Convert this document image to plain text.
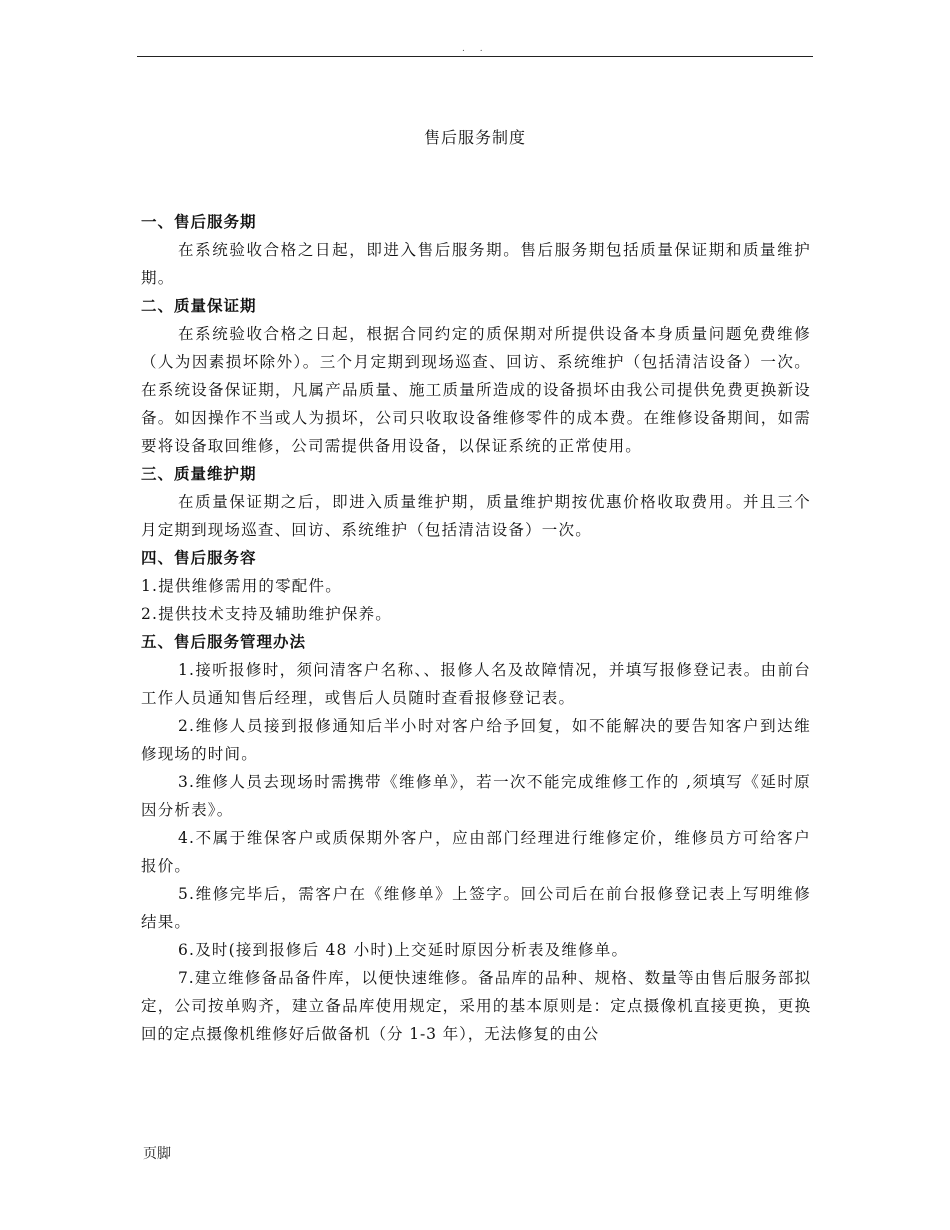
. .
售后服务制度

一、售后服务期

在系统验收合格之日起，即进入售后服务期。售后服务期包括质量保证期和质量维护期。

二、质量保证期

在系统验收合格之日起，根据合同约定的质保期对所提供设备本身质量问题免费维修（人为因素损坏除外）。三个月定期到现场巡查、回访、系统维护（包括清洁设备）一次。在系统设备保证期，凡属产品质量、施工质量所造成的设备损坏由我公司提供免费更换新设备。如因操作不当或人为损坏，公司只收取设备维修零件的成本费。在维修设备期间，如需要将设备取回维修，公司需提供备用设备，以保证系统的正常使用。

三、质量维护期

在质量保证期之后，即进入质量维护期，质量维护期按优惠价格收取费用。并且三个月定期到现场巡查、回访、系统维护（包括清洁设备）一次。

四、售后服务容

1.提供维修需用的零配件。

2.提供技术支持及辅助维护保养。

五、售后服务管理办法

1.接听报修时，须问清客户名称、、报修人名及故障情况，并填写报修登记表。由前台工作人员通知售后经理，或售后人员随时查看报修登记表。

2.维修人员接到报修通知后半小时对客户给予回复，如不能解决的要告知客户到达维修现场的时间。

3.维修人员去现场时需携带《维修单》，若一次不能完成维修工作的 ,须填写《延时原因分析表》。

4.不属于维保客户或质保期外客户，应由部门经理进行维修定价，维修员方可给客户报价。

5.维修完毕后，需客户在《维修单》上签字。回公司后在前台报修登记表上写明维修结果。

6.及时(接到报修后 48 小时)上交延时原因分析表及维修单。

7.建立维修备品备件库，以便快速维修。备品库的品种、规格、数量等由售后服务部拟定，公司按单购齐，建立备品库使用规定，采用的基本原则是：定点摄像机直接更换，更换回的定点摄像机维修好后做备机（分 1-3 年），无法修复的由公

页脚
